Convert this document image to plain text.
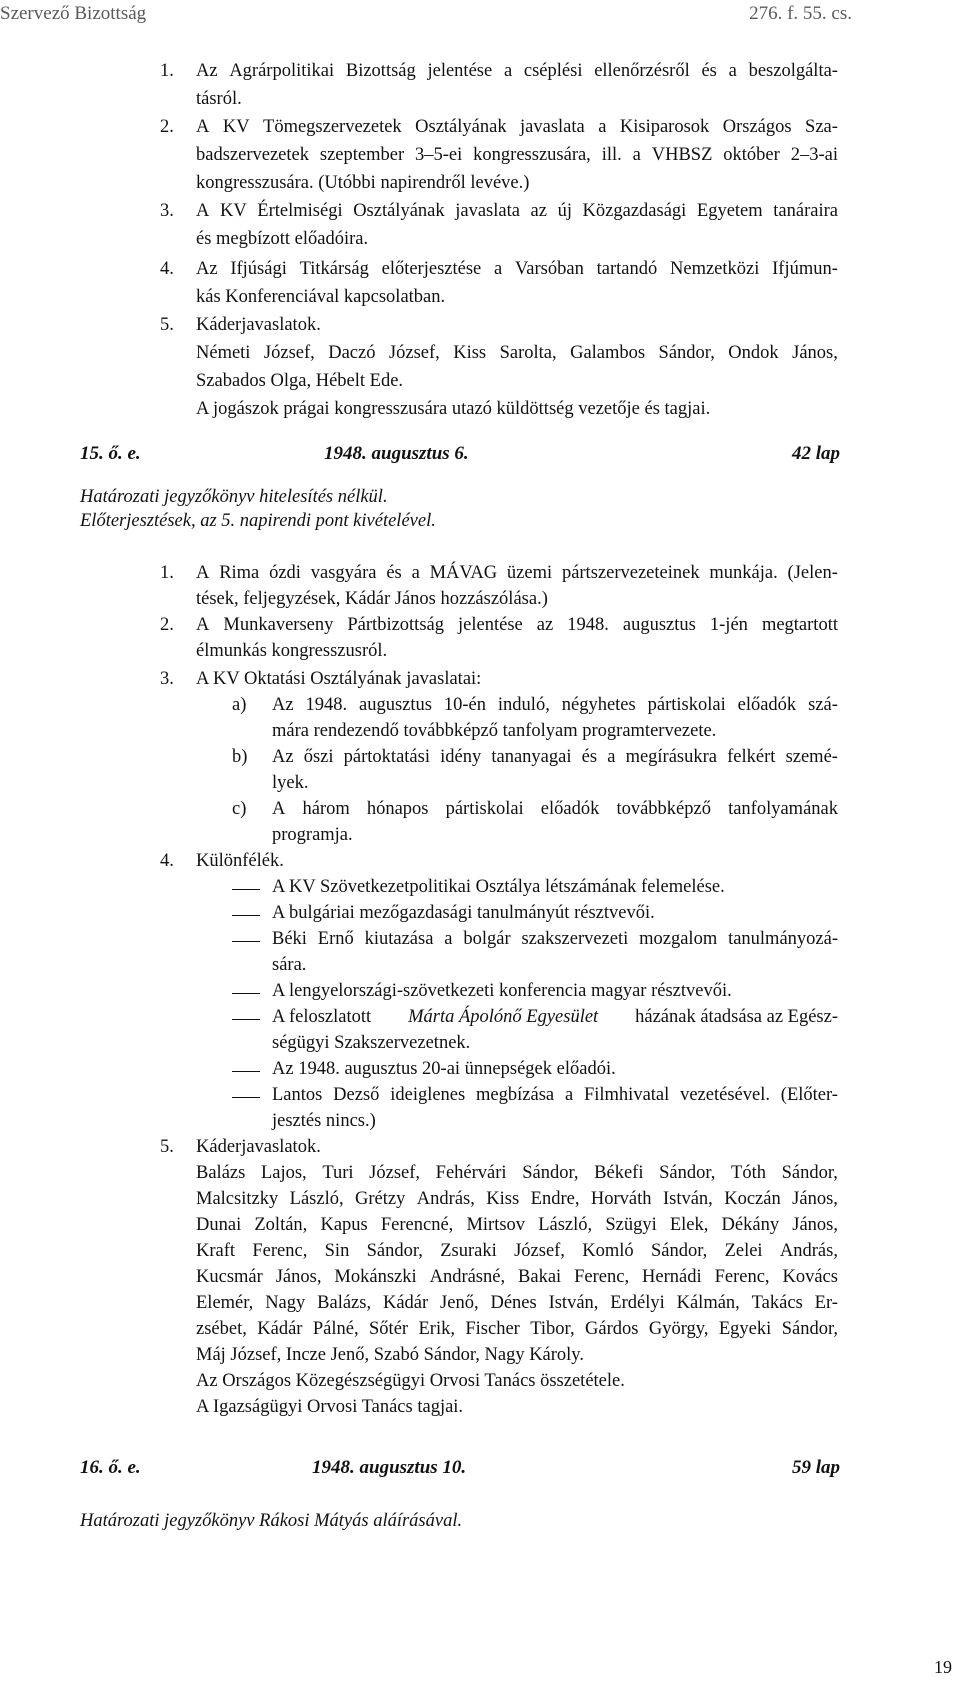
Szervező Bizottság	276. f. 55. cs.
1. Az Agrárpolitikai Bizottság jelentése a cséplési ellenőrzésről és a beszolgálta-
tásról.
2. A KV Tömegszervezetek Osztályának javaslata a Kisiparosok Országos Sza-
badszervezetek szeptember 3–5-ei kongresszusára, ill. a VHBSZ október 2–3-ai
kongresszusára. (Utóbbi napirendről levéve.)
3. A KV Értelmiségi Osztályának javaslata az új Közgazdasági Egyetem tanáraira
és megbízott előadóira.
4. Az Ifjúsági Titkárság előterjesztése a Varsóban tartandó Nemzetközi Ifjúmun-
kás Konferenciával kapcsolatban.
5. Káderjavaslatok.
Németi József, Daczó József, Kiss Sarolta, Galambos Sándor, Ondok János,
Szabados Olga, Hébelt Ede.
A jogászok prágai kongresszusára utazó küldöttség vezetője és tagjai.
15. ő. e.	1948. augusztus 6.	42 lap
Határozati jegyzőkönyv hitelesítés nélkül.
Előterjesztések, az 5. napirendi pont kivételével.
1. A Rima ózdi vasgyára és a MÁVAG üzemi pártszervezeteinek munkája. (Jelen-
tések, feljegyzések, Kádár János hozzászólása.)
2. A Munkaverseny Pártbizottság jelentése az 1948. augusztus 1-jén megtartott
élmunkás kongresszusról.
3. A KV Oktatási Osztályának javaslatai:
a) Az 1948. augusztus 10-én induló, négyhetes pártiskolai előadók szá-
mára rendezendő továbbképző tanfolyam programtervezete.
b) Az őszi pártoktatási idény tananyagai és a megírásukra felkért szemé-
lyek.
c) A három hónapos pártiskolai előadók továbbképző tanfolyamának
programja.
4. Különfélék.
A KV Szövetkezetpolitikai Osztálya létszámának felemelése.
A bulgáriai mezőgazdasági tanulmányút résztvevői.
Béki Ernő kiutazása a bolgár szakszervezeti mozgalom tanulmányozá-
sára.
A lengyelországi-szövetkezeti konferencia magyar résztvevői.
A feloszlatott Márta Ápolónő Egyesület házának átadsása az Egész-
ségügyi Szakszervezetnek.
Az 1948. augusztus 20-ai ünnepségek előadói.
Lantos Dezső ideiglenes megbízása a Filmhivatal vezetésével. (Előter-
jesztés nincs.)
5. Káderjavaslatok.
Balázs Lajos, Turi József, Fehérvári Sándor, Békefi Sándor, Tóth Sándor,
Malcsitzky László, Grétzy András, Kiss Endre, Horváth István, Koczán János,
Dunai Zoltán, Kapus Ferencné, Mirtsov László, Szügyi Elek, Dékány János,
Kraft Ferenc, Sin Sándor, Zsuraki József, Komló Sándor, Zelei András,
Kucsmár János, Mokánszki Andrásné, Bakai Ferenc, Hernádi Ferenc, Kovács
Elemér, Nagy Balázs, Kádár Jenő, Dénes István, Erdélyi Kálmán, Takács Er-
zsébet, Kádár Pálné, Sőtér Erik, Fischer Tibor, Gárdos György, Egyeki Sándor,
Máj József, Incze Jenő, Szabó Sándor, Nagy Károly.
Az Országos Közegészségügyi Orvosi Tanács összetétele.
A Igazságügyi Orvosi Tanács tagjai.
16. ő. e.	1948. augusztus 10.	59 lap
Határozati jegyzőkönyv Rákosi Mátyás aláírásával.
19
